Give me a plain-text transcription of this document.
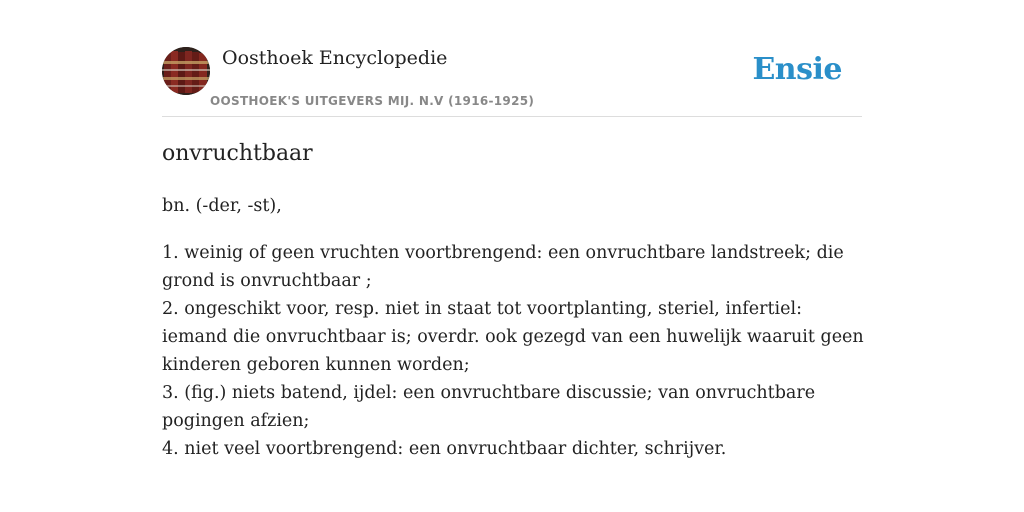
Oosthoek Encyclopedie
OOSTHOEK'S UITGEVERS MIJ. N.V (1916-1925)
Ensie
onvruchtbaar
bn. (-der, -st),
1. weinig of geen vruchten voortbrengend: een onvruchtbare landstreek; die grond is onvruchtbaar ;
2. ongeschikt voor, resp. niet in staat tot voortplanting, steriel, infertiel: iemand die onvruchtbaar is; overdr. ook gezegd van een huwelijk waaruit geen kinderen geboren kunnen worden;
3. (fig.) niets batend, ijdel: een onvruchtbare discussie; van onvruchtbare pogingen afzien;
4. niet veel voortbrengend: een onvruchtbaar dichter, schrijver.
